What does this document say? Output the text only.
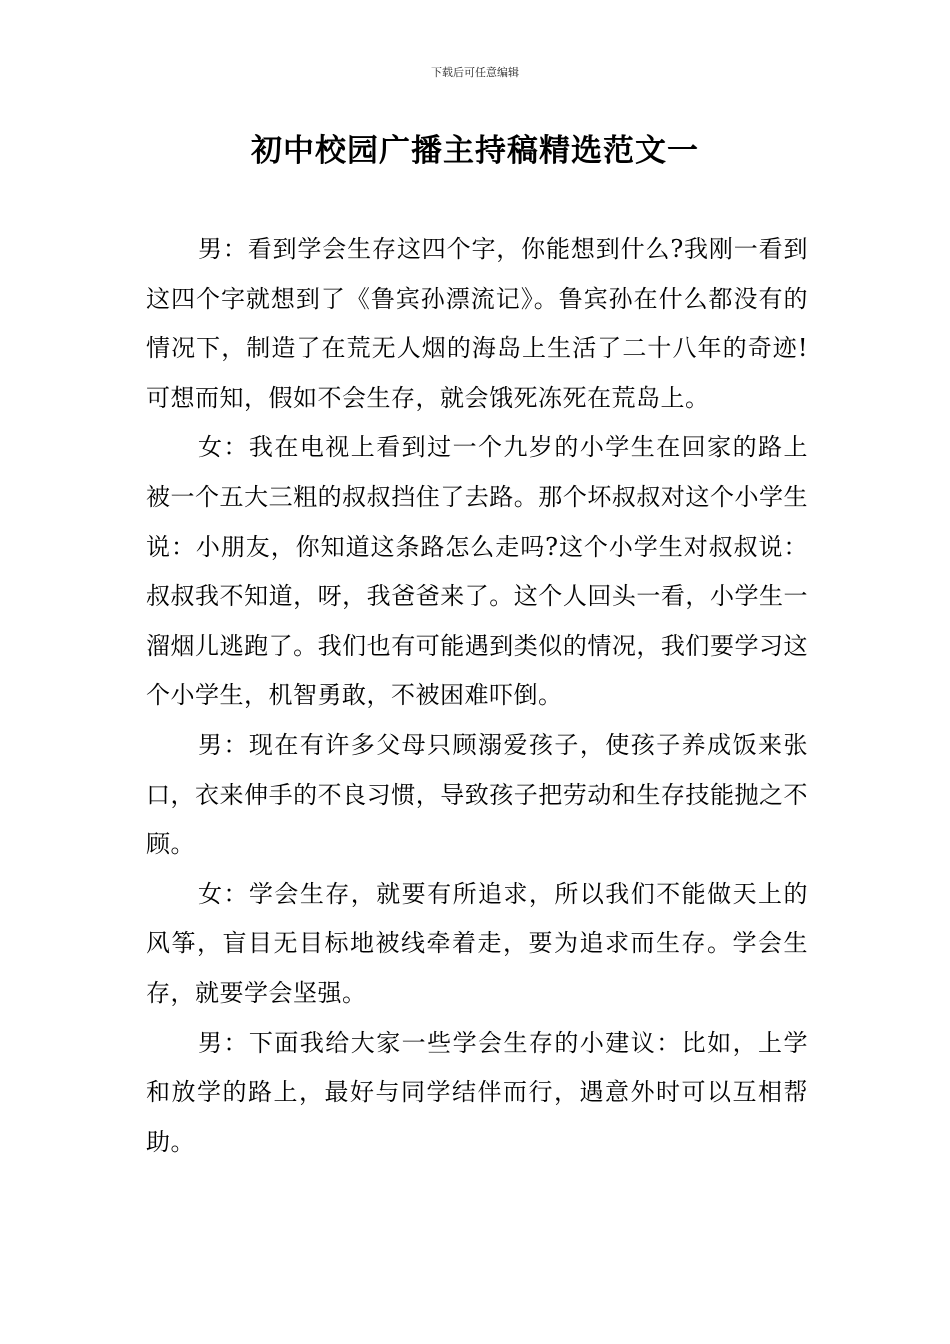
下载后可任意编辑
初中校园广播主持稿精选范文一

男：看到学会生存这四个字，你能想到什么?我刚一看到这四个字就想到了《鲁宾孙漂流记》。鲁宾孙在什么都没有的情况下，制造了在荒无人烟的海岛上生活了二十八年的奇迹!可想而知，假如不会生存，就会饿死冻死在荒岛上。

女：我在电视上看到过一个九岁的小学生在回家的路上被一个五大三粗的叔叔挡住了去路。那个坏叔叔对这个小学生说：小朋友，你知道这条路怎么走吗?这个小学生对叔叔说：叔叔我不知道，呀，我爸爸来了。这个人回头一看，小学生一溜烟儿逃跑了。我们也有可能遇到类似的情况，我们要学习这个小学生，机智勇敢，不被困难吓倒。

男：现在有许多父母只顾溺爱孩子，使孩子养成饭来张口，衣来伸手的不良习惯，导致孩子把劳动和生存技能抛之不顾。

女：学会生存，就要有所追求，所以我们不能做天上的风筝，盲目无目标地被线牵着走，要为追求而生存。学会生存，就要学会坚强。

男：下面我给大家一些学会生存的小建议：比如，上学和放学的路上，最好与同学结伴而行，遇意外时可以互相帮助。
